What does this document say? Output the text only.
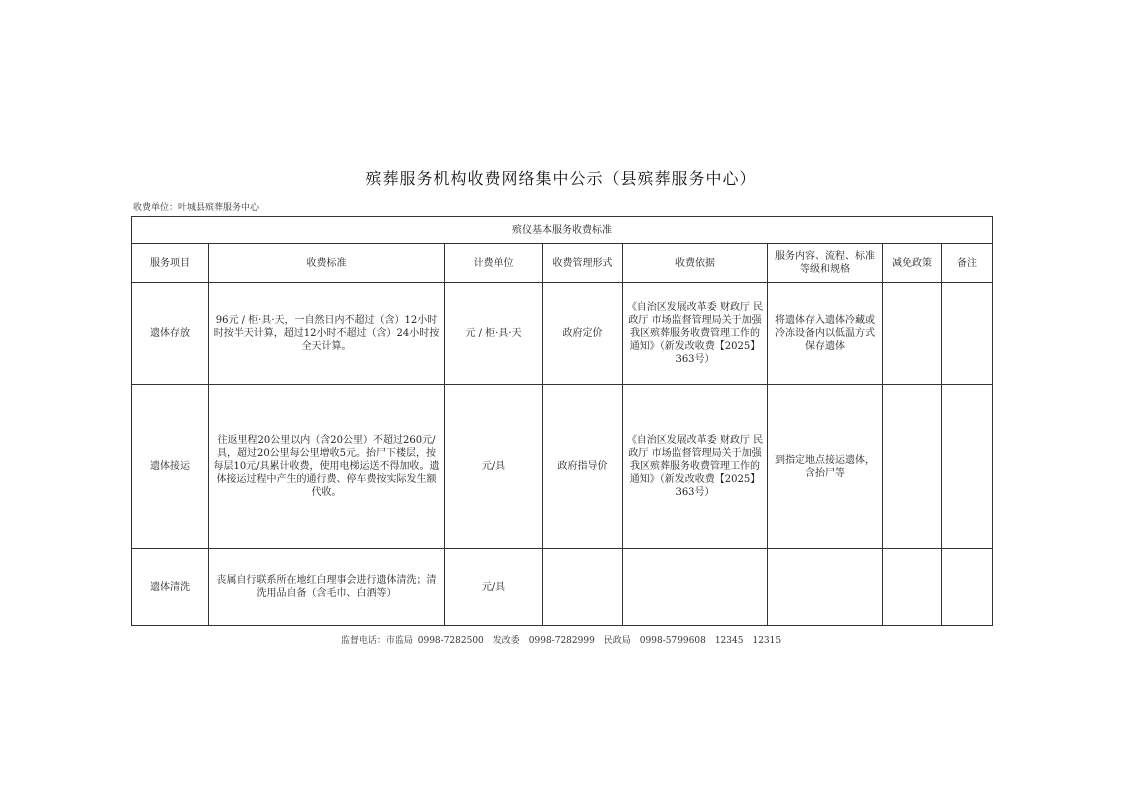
殡葬服务机构收费网络集中公示（县殡葬服务中心）
收费单位：叶城县殡葬服务中心
殡仪基本服务收费标准							
服务项目	收费标准	计费单位	收费管理形式	收费依据	服务内容、流程、标准等级和规格	减免政策	备注
遗体存放	96元 / 柜·具·天，一自然日内不超过（含）12小时时按半天计算，超过12小时不超过（含）24小时按全天计算。	元 / 柜·具·天	政府定价	《自治区发展改革委 财政厅 民政厅 市场监督管理局关于加强我区殡葬服务收费管理工作的通知》（新发改收费【2025】363号）	将遗体存入遗体冷藏或冷冻设备内以低温方式保存遗体		
遗体接运	往返里程20公里以内（含20公里）不超过260元/具，超过20公里每公里增收5元。抬尸下楼层，按每层10元/具累计收费，使用电梯运送不得加收。遗体接运过程中产生的通行费、停车费按实际发生额代收。	元/具	政府指导价	《自治区发展改革委 财政厅 民政厅 市场监督管理局关于加强我区殡葬服务收费管理工作的通知》（新发改收费【2025】363号）	到指定地点接运遗体，含抬尸等		
遗体清洗	丧属自行联系所在地红白理事会进行遗体清洗；清洗用品自备（含毛巾、白酒等）	元/具					
监督电话：市监局 0998-7282500　发改委　0998-7282999　民政局　0998-5799608　12345　12315
